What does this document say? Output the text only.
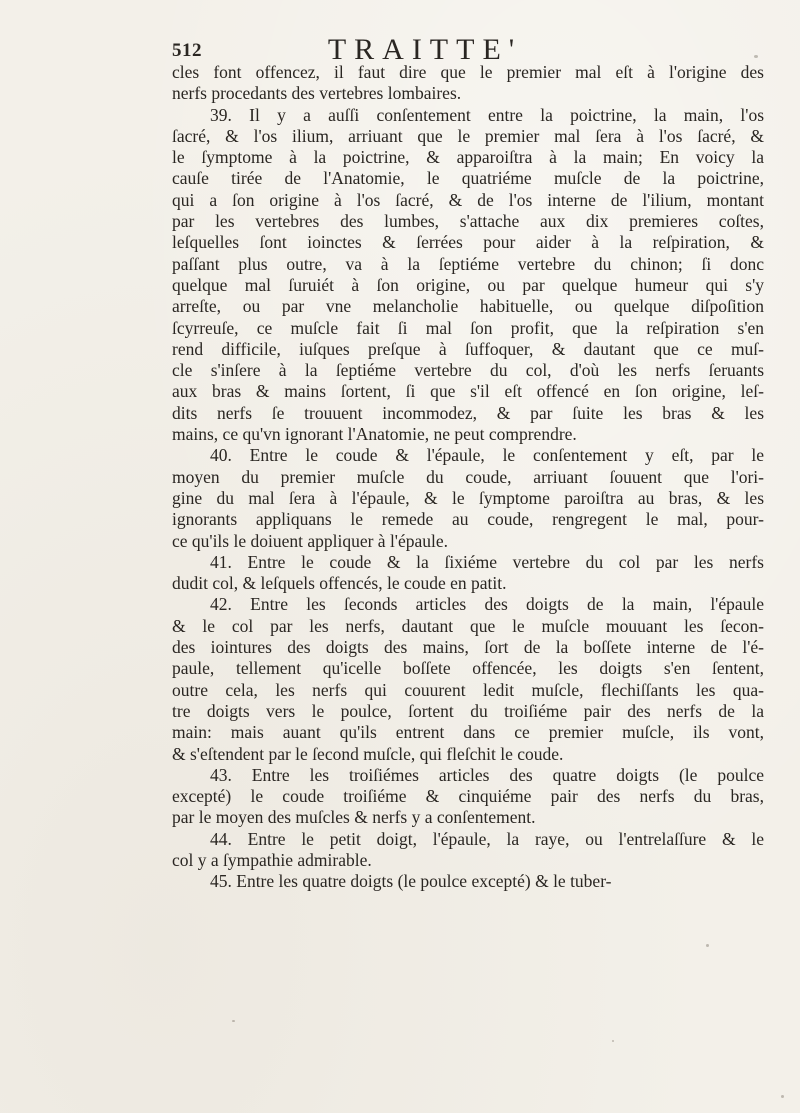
512	TRAITTE'
cles font offencez, il faut dire que le premier mal eſt à l'origine des
nerfs procedants des vertebres lombaires.
39. Il y a auſſi conſentement entre la poictrine, la main, l'os
ſacré, & l'os ilium, arriuant que le premier mal ſera à l'os ſacré, &
le ſymptome à la poictrine, & apparoiſtra à la main; En voicy la
cauſe tirée de l'Anatomie, le quatriéme muſcle de la poictrine,
qui a ſon origine à l'os ſacré, & de l'os interne de l'ilium, montant
par les vertebres des lumbes, s'attache aux dix premieres coſtes,
leſquelles ſont ioinctes & ſerrées pour aider à la reſpiration, &
paſſant plus outre, va à la ſeptiéme vertebre du chinon; ſi donc
quelque mal ſuruiét à ſon origine, ou par quelque humeur qui s'y
arreſte, ou par vne melancholie habituelle, ou quelque diſpoſition
ſcyrreuſe, ce muſcle fait ſi mal ſon profit, que la reſpiration s'en
rend difficile, iuſques preſque à ſuffoquer, & dautant que ce muſ-
cle s'inſere à la ſeptiéme vertebre du col, d'où les nerfs ſeruants
aux bras & mains ſortent, ſi que s'il eſt offencé en ſon origine, leſ-
dits nerfs ſe trouuent incommodez, & par ſuite les bras & les
mains, ce qu'vn ignorant l'Anatomie, ne peut comprendre.
40. Entre le coude & l'épaule, le conſentement y eſt, par le
moyen du premier muſcle du coude, arriuant ſouuent que l'ori-
gine du mal ſera à l'épaule, & le ſymptome paroiſtra au bras, & les
ignorants appliquans le remede au coude, rengregent le mal, pour-
ce qu'ils le doiuent appliquer à l'épaule.
41. Entre le coude & la ſixiéme vertebre du col par les nerfs
dudit col, & leſquels offencés, le coude en patit.
42. Entre les ſeconds articles des doigts de la main, l'épaule
& le col par les nerfs, dautant que le muſcle mouuant les ſecon-
des iointures des doigts des mains, ſort de la boſſete interne de l'é-
paule, tellement qu'icelle boſſete offencée, les doigts s'en ſentent,
outre cela, les nerfs qui couurent ledit muſcle, flechiſſants les qua-
tre doigts vers le poulce, ſortent du troiſiéme pair des nerfs de la
main: mais auant qu'ils entrent dans ce premier muſcle, ils vont,
& s'eſtendent par le ſecond muſcle, qui fleſchit le coude.
43. Entre les troiſiémes articles des quatre doigts (le poulce
excepté) le coude troiſiéme & cinquiéme pair des nerfs du bras,
par le moyen des muſcles & nerfs y a conſentement.
44. Entre le petit doigt, l'épaule, la raye, ou l'entrelaſſure & le
col y a ſympathie admirable.
45. Entre les quatre doigts (le poulce excepté) & le tuber-
